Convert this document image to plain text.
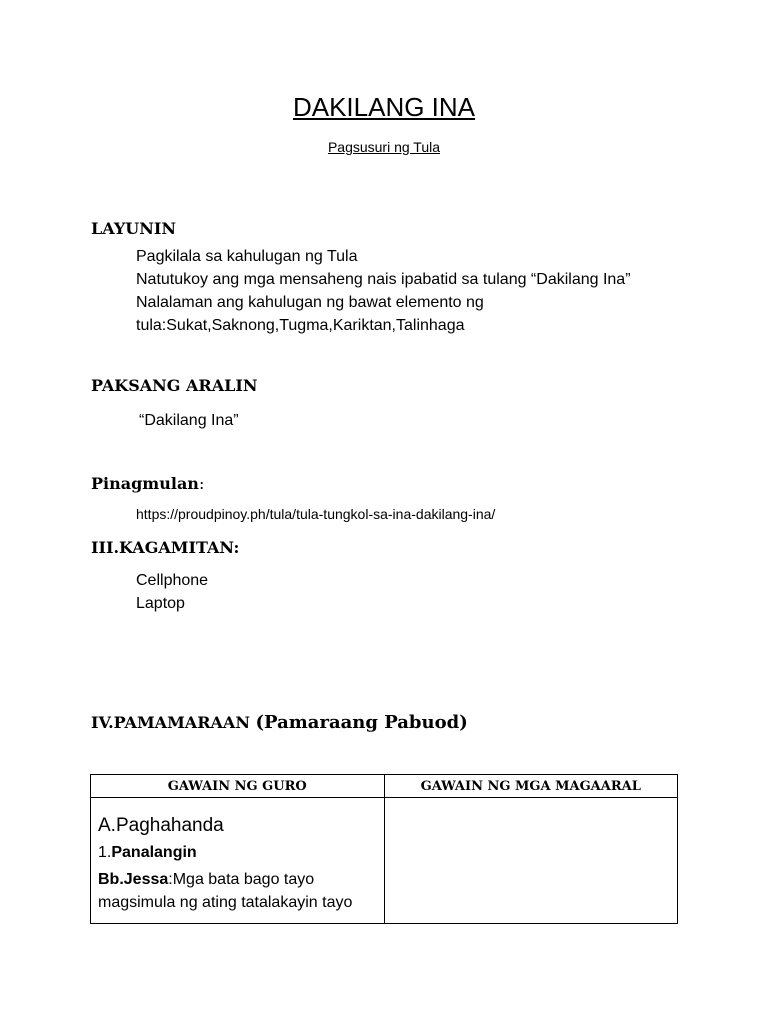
DAKILANG INA
Pagsusuri ng Tula
LAYUNIN
Pagkilala sa kahulugan ng Tula
Natutukoy ang mga mensaheng nais ipabatid sa tulang “Dakilang Ina”
Nalalaman ang kahulugan ng bawat elemento ng tula:Sukat,Saknong,Tugma,Kariktan,Talinhaga
PAKSANG ARALIN
“Dakilang Ina”
Pinagmulan:
https://proudpinoy.ph/tula/tula-tungkol-sa-ina-dakilang-ina/
III.KAGAMITAN:
Cellphone
Laptop
IV.PAMAMARAAN (Pamaraang Pabuod)
GAWAIN NG GURO	GAWAIN NG MGA MAGAARAL

A.Paghahanda

1.Panalangin

Bb.Jessa:Mga bata bago tayo magsimula ng ating tatalakayin tayo	
